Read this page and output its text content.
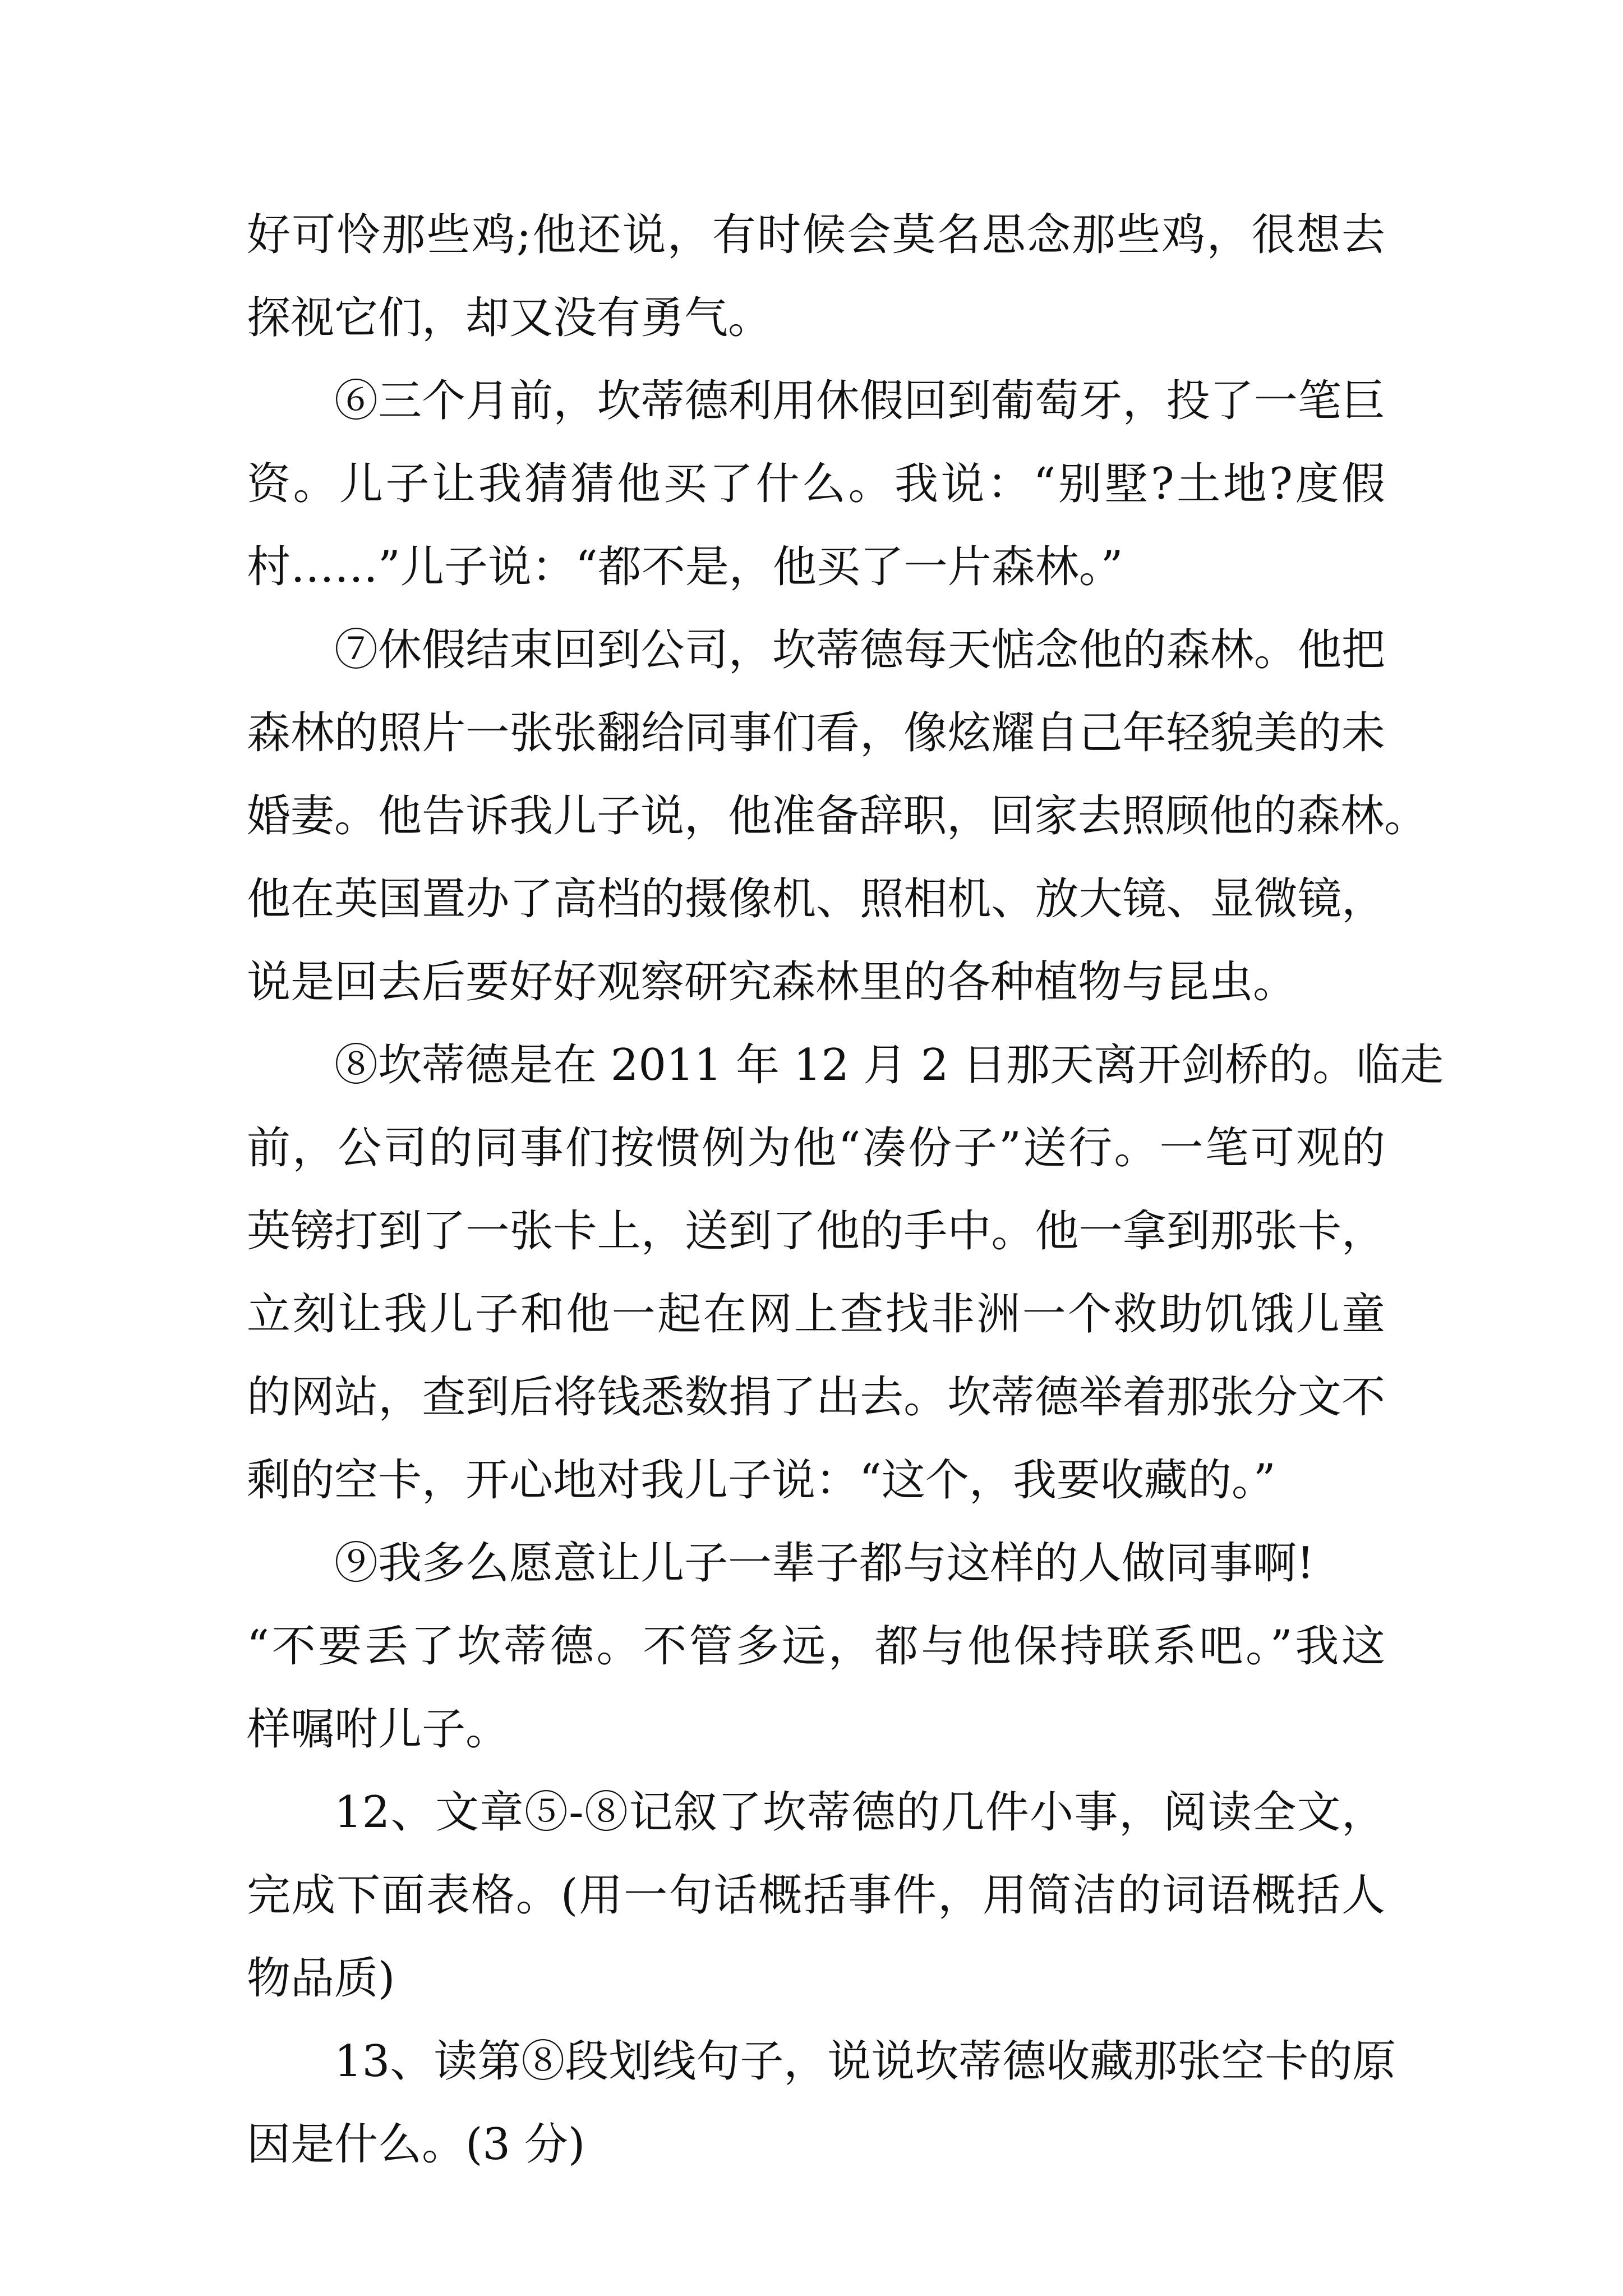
好可怜那些鸡;他还说，有时候会莫名思念那些鸡，很想去
探视它们，却又没有勇气。
⑥三个月前，坎蒂德利用休假回到葡萄牙，投了一笔巨
资。儿子让我猜猜他买了什么。我说：“别墅?土地?度假
村……”儿子说：“都不是，他买了一片森林。”
⑦休假结束回到公司，坎蒂德每天惦念他的森林。他把
森林的照片一张张翻给同事们看，像炫耀自己年轻貌美的未
婚妻。他告诉我儿子说，他准备辞职，回家去照顾他的森林。
他在英国置办了高档的摄像机、照相机、放大镜、显微镜，
说是回去后要好好观察研究森林里的各种植物与昆虫。
⑧坎蒂德是在 2011 年 12 月 2 日那天离开剑桥的。临走
前，公司的同事们按惯例为他“凑份子”送行。一笔可观的
英镑打到了一张卡上，送到了他的手中。他一拿到那张卡，
立刻让我儿子和他一起在网上查找非洲一个救助饥饿儿童
的网站，查到后将钱悉数捐了出去。坎蒂德举着那张分文不
剩的空卡，开心地对我儿子说：“这个，我要收藏的。”
⑨我多么愿意让儿子一辈子都与这样的人做同事啊!
“不要丢了坎蒂德。不管多远，都与他保持联系吧。”我这
样嘱咐儿子。
12、文章⑤-⑧记叙了坎蒂德的几件小事，阅读全文，
完成下面表格。(用一句话概括事件，用简洁的词语概括人
物品质)
13、读第⑧段划线句子，说说坎蒂德收藏那张空卡的原
因是什么。(3 分)
